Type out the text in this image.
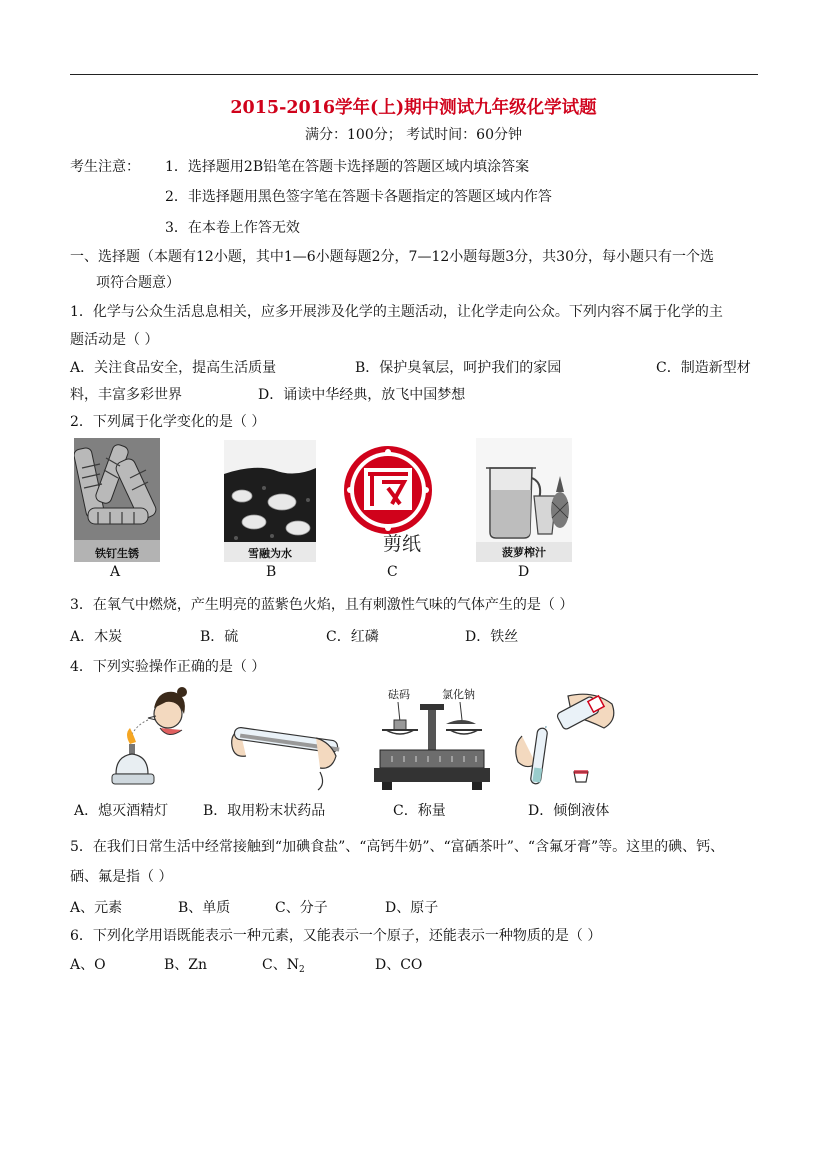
2015-2016学年(上)期中测试九年级化学试题
满分：100分； 考试时间：60分钟
考生注意： 1．选择题用2B铅笔在答题卡选择题的答题区域内填涂答案
2．非选择题用黑色签字笔在答题卡各题指定的答题区域内作答
3．在本卷上作答无效
一、选择题（本题有12小题，其中1—6小题每题2分，7—12小题每题3分，共30分，每小题只有一个选
项符合题意）
1．化学与公众生活息息相关，应多开展涉及化学的主题活动，让化学走向公众。下列内容不属于化学的主
题活动是（ ）
A．关注食品安全，提高生活质量	B．保护臭氧层，呵护我们的家园	C．制造新型材
料，丰富多彩世界	D．诵读中华经典，放飞中国梦想
2．下列属于化学变化的是（ ）
铁钉生锈
A
雪融为水
B
剪纸
C
菠萝榨汁
D
3．在氧气中燃烧，产生明亮的蓝紫色火焰，且有刺激性气味的气体产生的是（ ）
A．木炭	B．硫	C．红磷	D．铁丝
4．下列实验操作正确的是（ ）
A．熄灭酒精灯 B．取用粉末状药品
砝码	氯化钠
C．称量	D．倾倒液体
5．在我们日常生活中经常接触到“加碘食盐”、“高钙牛奶”、“富硒茶叶”、“含氟牙膏”等。这里的碘、钙、
硒、氟是指（ ）
A、元素	B、单质	C、分子	D、原子
6．下列化学用语既能表示一种元素，又能表示一个原子，还能表示一种物质的是（ ）
A、O	B、Zn	C、$N_2$	D、CO
